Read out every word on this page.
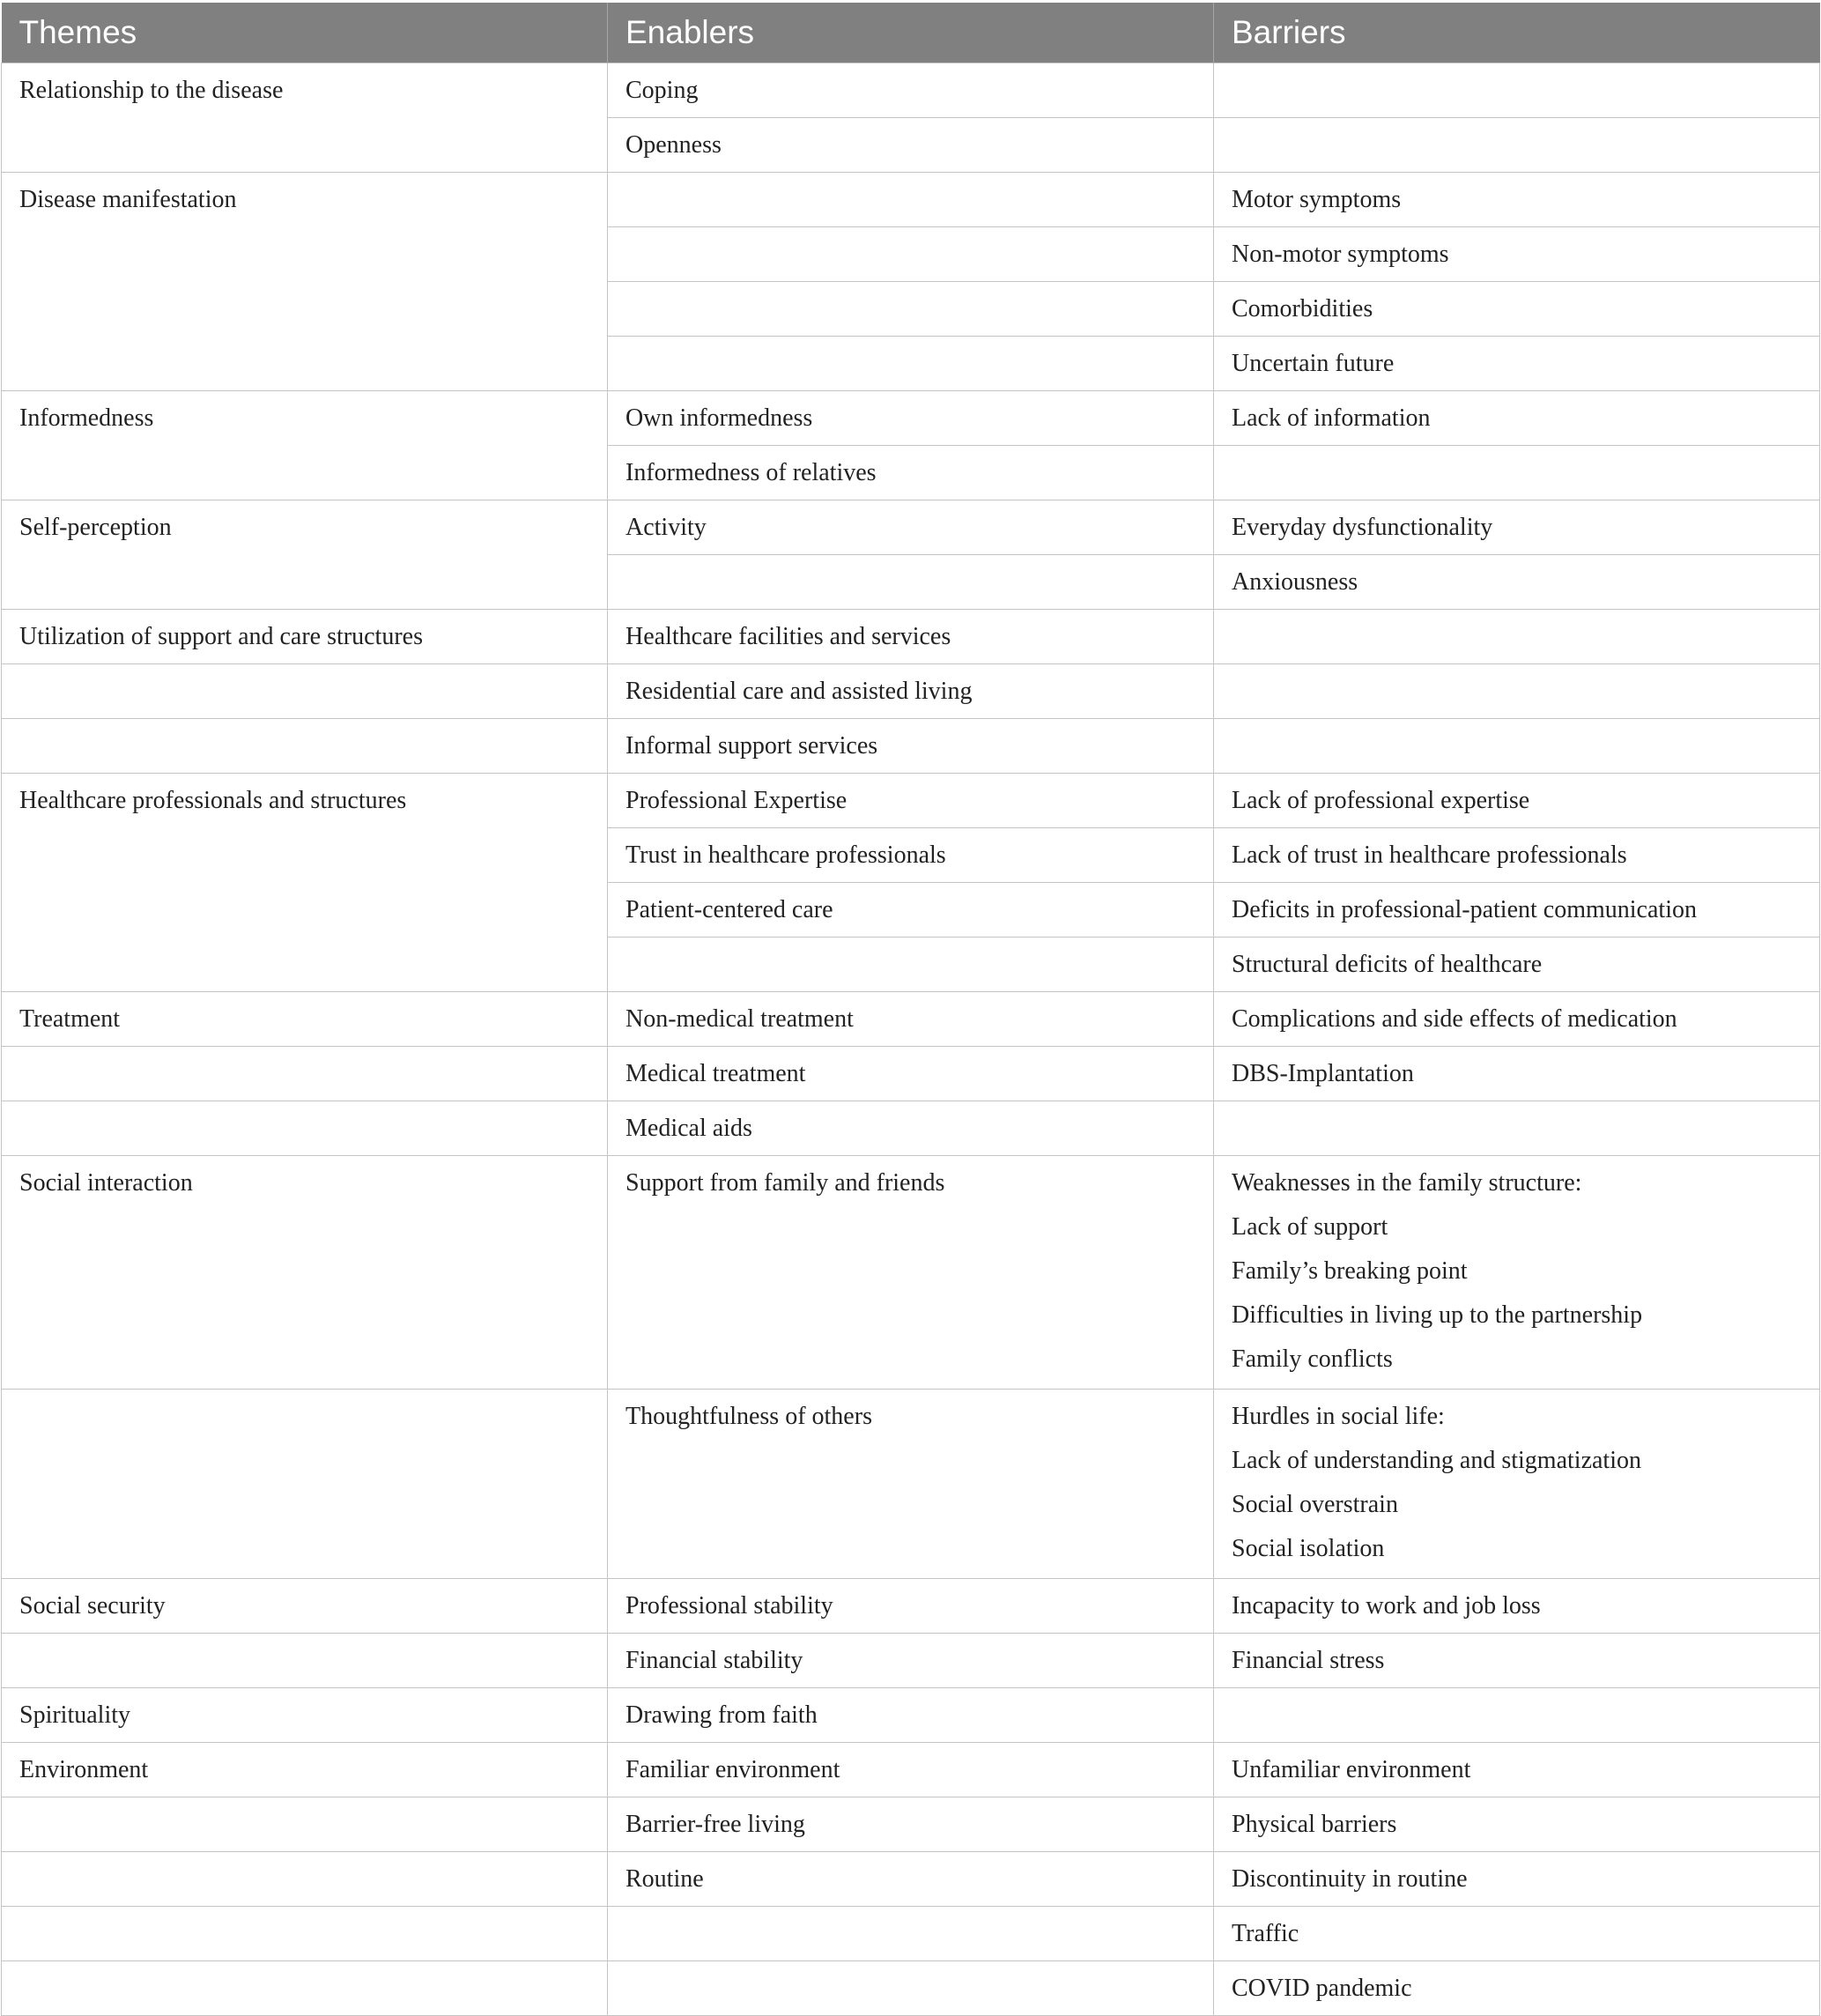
Themes	Enablers	Barriers
Relationship to the disease	Coping	
	Openness	
Disease manifestation		Motor symptoms
		Non-motor symptoms
		Comorbidities
		Uncertain future
Informedness	Own informedness	Lack of information
	Informedness of relatives	
Self-perception	Activity	Everyday dysfunctionality
		Anxiousness
Utilization of support and care structures	Healthcare facilities and services	
	Residential care and assisted living	
	Informal support services	
Healthcare professionals and structures	Professional Expertise	Lack of professional expertise
	Trust in healthcare professionals	Lack of trust in healthcare professionals
	Patient-centered care	Deficits in professional-patient communication
		Structural deficits of healthcare
Treatment	Non-medical treatment	Complications and side effects of medication
	Medical treatment	DBS-Implantation
	Medical aids	
Social interaction	Support from family and friends	Weaknesses in the family structure:
Lack of support
Family’s breaking point
Difficulties in living up to the partnership
Family conflicts

	Thoughtfulness of others	Hurdles in social life:
Lack of understanding and stigmatization
Social overstrain
Social isolation

Social security	Professional stability	Incapacity to work and job loss
	Financial stability	Financial stress
Spirituality	Drawing from faith	
Environment	Familiar environment	Unfamiliar environment
	Barrier-free living	Physical barriers
	Routine	Discontinuity in routine
		Traffic
		COVID pandemic
